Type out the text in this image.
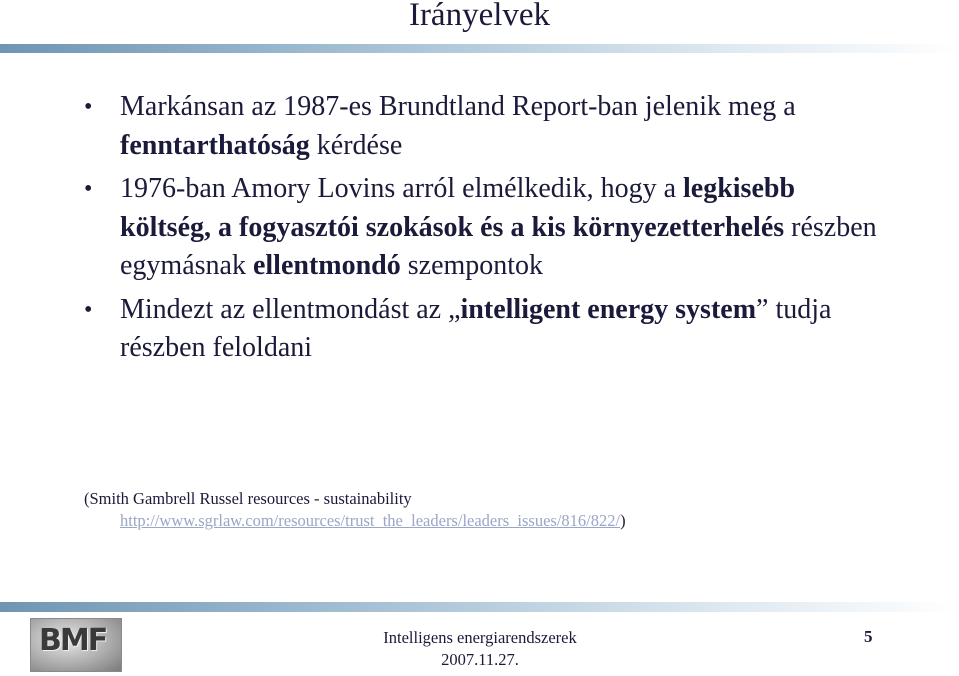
Irányelvek
• Markánsan az 1987-es Brundtland Report-ban jelenik meg a fenntarthatóság kérdése
• 1976-ban Amory Lovins arról elmélkedik, hogy a legkisebb költség, a fogyasztói szokások és a kis környezetterhelés részben egymásnak ellentmondó szempontok
• Mindezt az ellentmondást az „intelligent energy system” tudja részben feloldani
(Smith Gambrell Russel resources - sustainability
http://www.sgrlaw.com/resources/trust_the_leaders/leaders_issues/816/822/)
BMF	Intelligens energiarendszerek
2007.11.27.
5
